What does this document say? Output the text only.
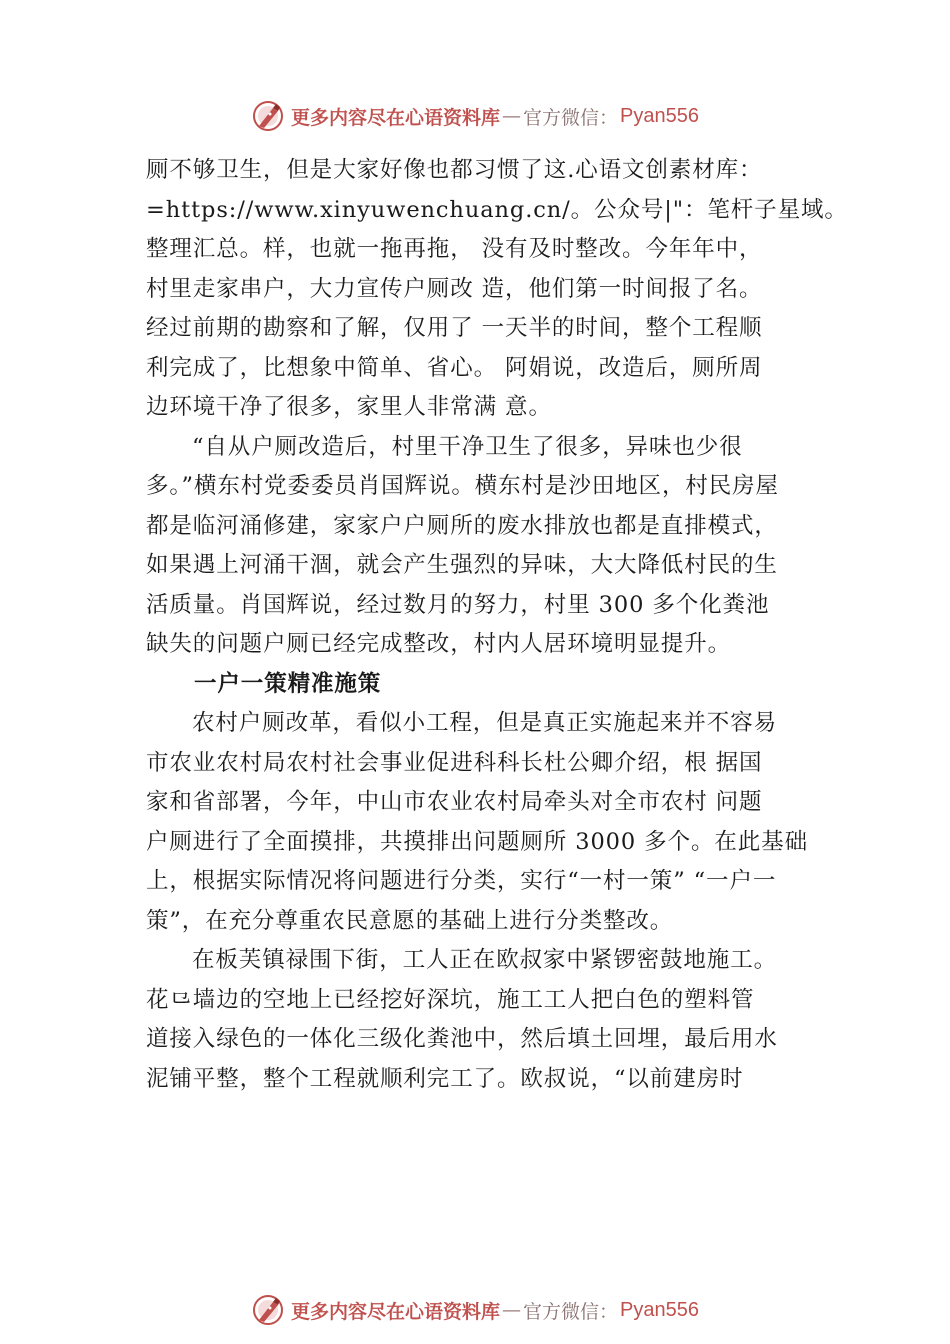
更多内容尽在心语资料库 — 官方微信： Pyan556
厕不够卫生，但是大家好像也都习惯了这.心语文创素材库：
=https://www.xinyuwenchuang.cn/。公众号|"：笔杆子星域。
整理汇总。样，也就一拖再拖， 没有及时整改。今年年中，
村里走家串户，大力宣传户厕改 造，他们第一时间报了名。
经过前期的勘察和了解，仅用了 一天半的时间，整个工程顺
利完成了，比想象中简单、省心。 阿娟说，改造后，厕所周
边环境干净了很多，家里人非常满 意。
“自从户厕改造后，村里干净卫生了很多，异味也少很
多。”横东村党委委员肖国辉说。横东村是沙田地区，村民房屋
都是临河涌修建，家家户户厕所的废水排放也都是直排模式，
如果遇上河涌干涸，就会产生强烈的异味，大大降低村民的生
活质量。肖国辉说，经过数月的努力，村里 300 多个化粪池
缺失的问题户厕已经完成整改，村内人居环境明显提升。
一户一策精准施策
农村户厕改革，看似小工程，但是真正实施起来并不容易
市农业农村局农村社会事业促进科科长杜公卿介绍，根 据国
家和省部署，今年，中山市农业农村局牵头对全市农村 问题
户厕进行了全面摸排，共摸排出问题厕所 3000 多个。在此基础
上，根据实际情况将问题进行分类，实行“一村一策” “一户一
策”，在充分尊重农民意愿的基础上进行分类整改。
在板芙镇禄围下街，工人正在欧叔家中紧锣密鼓地施工。
花⺋墙边的空地上已经挖好深坑，施工工人把白色的塑料管
道接入绿色的一体化三级化粪池中，然后填土回埋，最后用水
泥铺平整，整个工程就顺利完工了。欧叔说，“以前建房时
更多内容尽在心语资料库 — 官方微信： Pyan556
